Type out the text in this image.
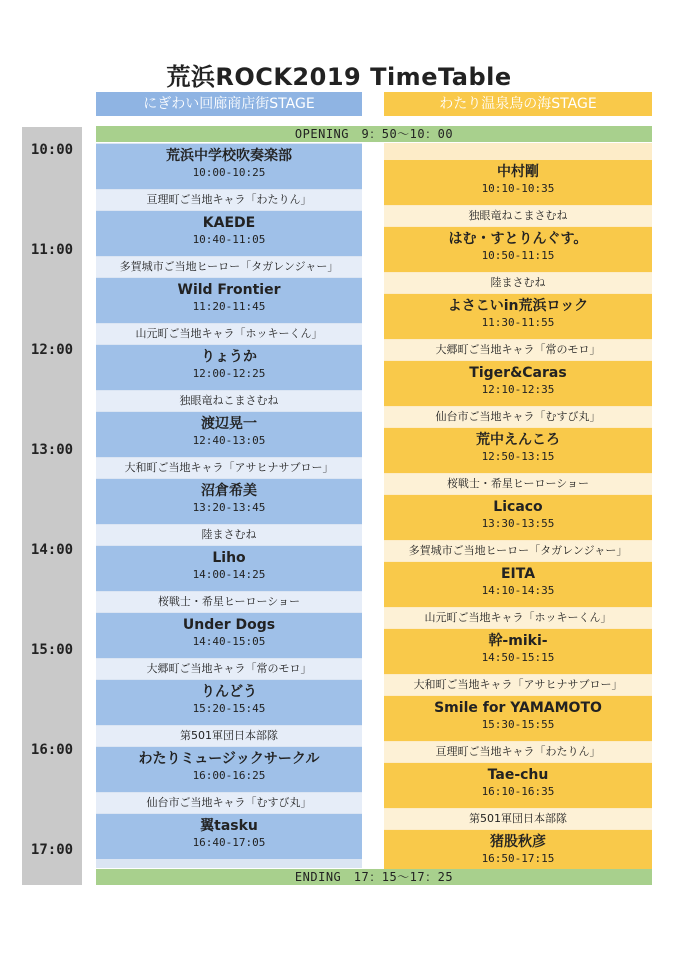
荒浜ROCK2019 TimeTable
にぎわい回廊商店街STAGE	わたり温泉鳥の海STAGE
10:00
11:00
12:00
13:00
14:00
15:00
16:00
17:00
OPENING　9：50〜10：00
荒浜中学校吹奏楽部
10:00-10:25
亘理町ご当地キャラ「わたりん」
KAEDE
10:40-11:05
多賀城市ご当地ヒーロー「タガレンジャー」
Wild Frontier
11:20-11:45
山元町ご当地キャラ「ホッキーくん」
りょうか
12:00-12:25
独眼竜ねこまさむね
渡辺晃一
12:40-13:05
大和町ご当地キャラ「アサヒナサブロー」
沼倉希美
13:20-13:45
陸まさむね
Liho
14:00-14:25
桜戦士・希星ヒーローショー
Under Dogs
14:40-15:05
大郷町ご当地キャラ「常のモロ」
りんどう
15:20-15:45
第501軍団日本部隊
わたりミュージックサークル
16:00-16:25
仙台市ご当地キャラ「むすび丸」
翼tasku
16:40-17:05
中村剛
10:10-10:35
独眼竜ねこまさむね
はむ・すとりんぐす。
10:50-11:15
陸まさむね
よさこいin荒浜ロック
11:30-11:55
大郷町ご当地キャラ「常のモロ」
Tiger&Caras
12:10-12:35
仙台市ご当地キャラ「むすび丸」
荒中えんころ
12:50-13:15
桜戦士・希星ヒーローショー
Licaco
13:30-13:55
多賀城市ご当地ヒーロー「タガレンジャー」
EITA
14:10-14:35
山元町ご当地キャラ「ホッキーくん」
幹-miki-
14:50-15:15
大和町ご当地キャラ「アサヒナサブロー」
Smile for YAMAMOTO
15:30-15:55
亘理町ご当地キャラ「わたりん」
Tae-chu
16:10-16:35
第501軍団日本部隊
猪股秋彦
16:50-17:15
ENDING　17：15〜17：25
